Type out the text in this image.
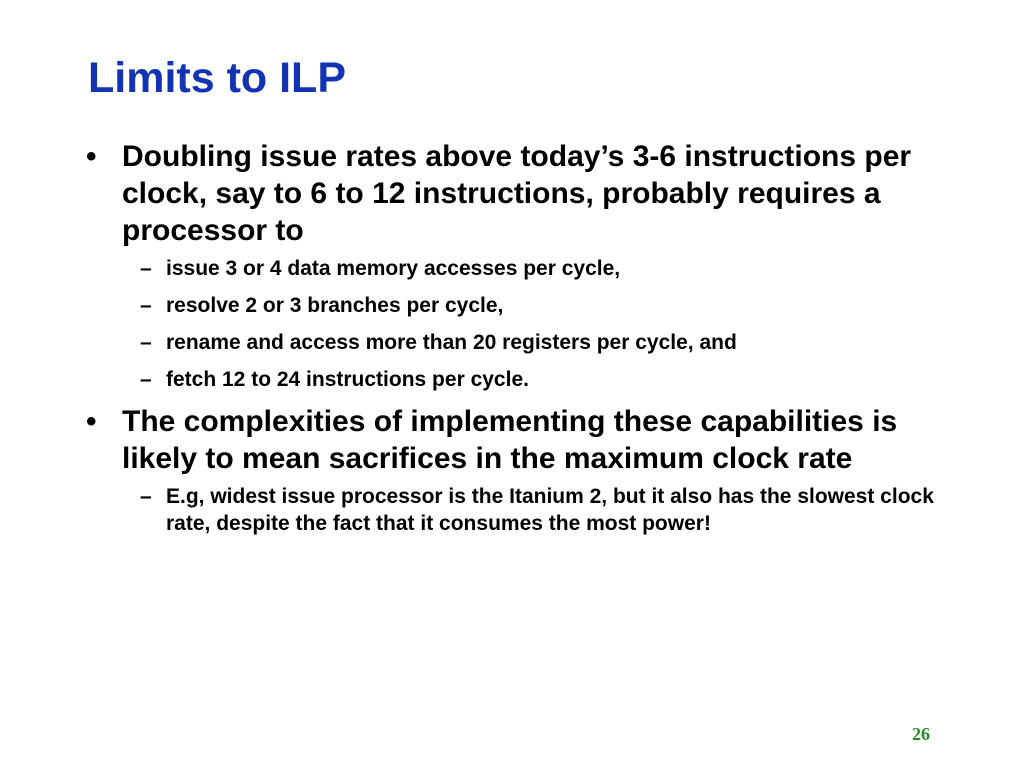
Limits to ILP
• Doubling issue rates above today’s 3-6 instructions per clock, say to 6 to 12 instructions, probably requires a processor to
– issue 3 or 4 data memory accesses per cycle,
– resolve 2 or 3 branches per cycle,
– rename and access more than 20 registers per cycle, and
– fetch 12 to 24 instructions per cycle.
• The complexities of implementing these capabilities is likely to mean sacrifices in the maximum clock rate
– E.g, widest issue processor is the Itanium 2, but it also has the slowest clock rate, despite the fact that it consumes the most power!
26
